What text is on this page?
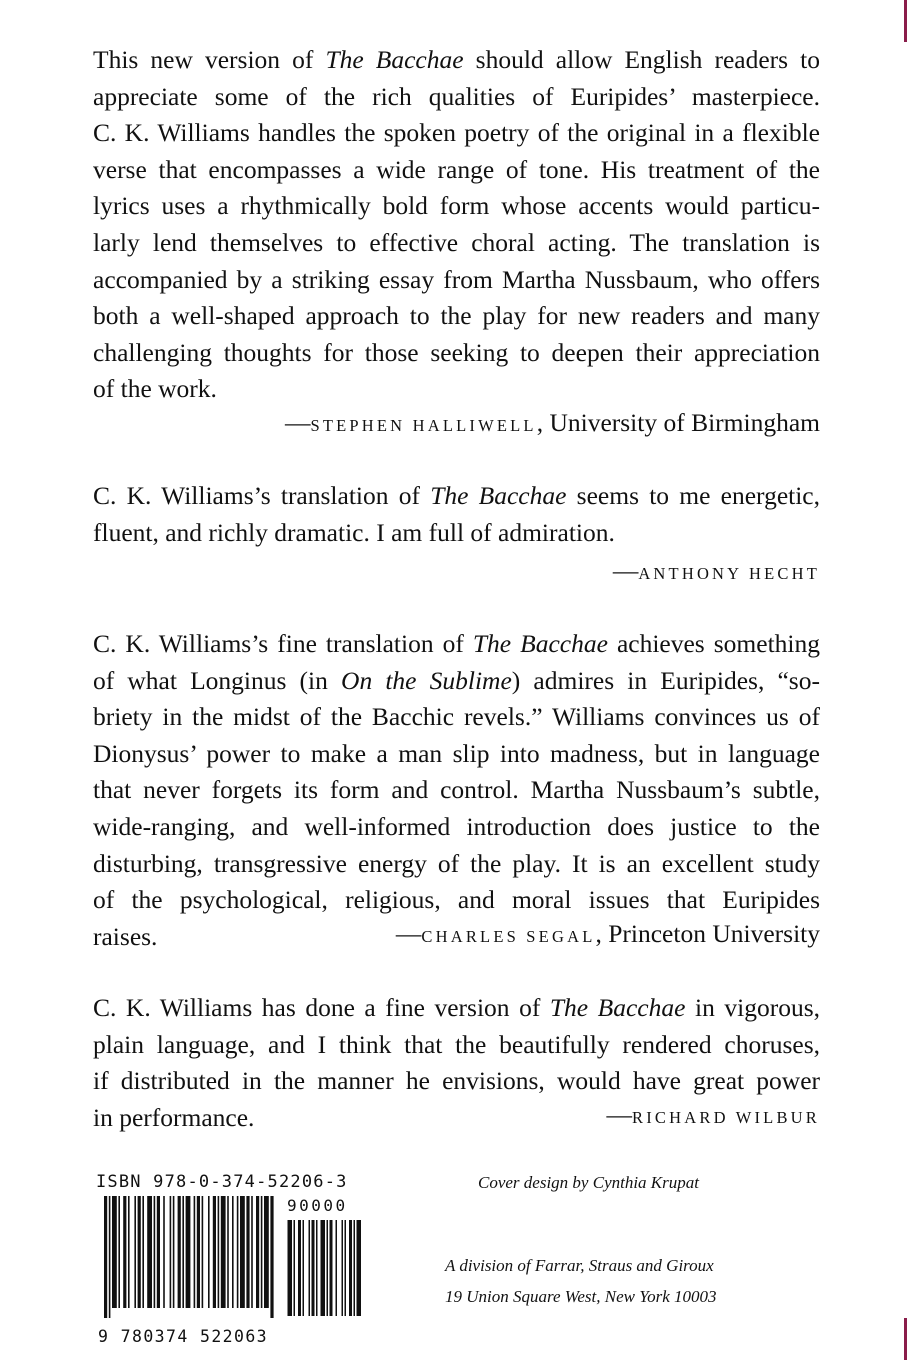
This new version of The Bacchae should allow English readers to
appreciate some of the rich qualities of Euripides’ masterpiece.
C. K. Williams handles the spoken poetry of the original in a flexible
verse that encompasses a wide range of tone. His treatment of the
lyrics uses a rhythmically bold form whose accents would particu-
larly lend themselves to effective choral acting. The translation is
accompanied by a striking essay from Martha Nussbaum, who offers
both a well-shaped approach to the play for new readers and many
challenging thoughts for those seeking to deepen their appreciation
of the work.
—STEPHEN HALLIWELL, University of Birmingham
C. K. Williams’s translation of The Bacchae seems to me energetic,
fluent, and richly dramatic. I am full of admiration.
—ANTHONY HECHT
C. K. Williams’s fine translation of The Bacchae achieves something
of what Longinus (in On the Sublime) admires in Euripides, “so-
briety in the midst of the Bacchic revels.” Williams convinces us of
Dionysus’ power to make a man slip into madness, but in language
that never forgets its form and control. Martha Nussbaum’s subtle,
wide-ranging, and well-informed introduction does justice to the
disturbing, transgressive energy of the play. It is an excellent study
of the psychological, religious, and moral issues that Euripides
raises.	—CHARLES SEGAL, Princeton University
C. K. Williams has done a fine version of The Bacchae in vigorous,
plain language, and I think that the beautifully rendered choruses,
if distributed in the manner he envisions, would have great power
in performance.	—RICHARD WILBUR
ISBN 978-0-374-52206-3
90000
9 780374 522063
Cover design by Cynthia Krupat
A division of Farrar, Straus and Giroux
19 Union Square West, New York 10003
